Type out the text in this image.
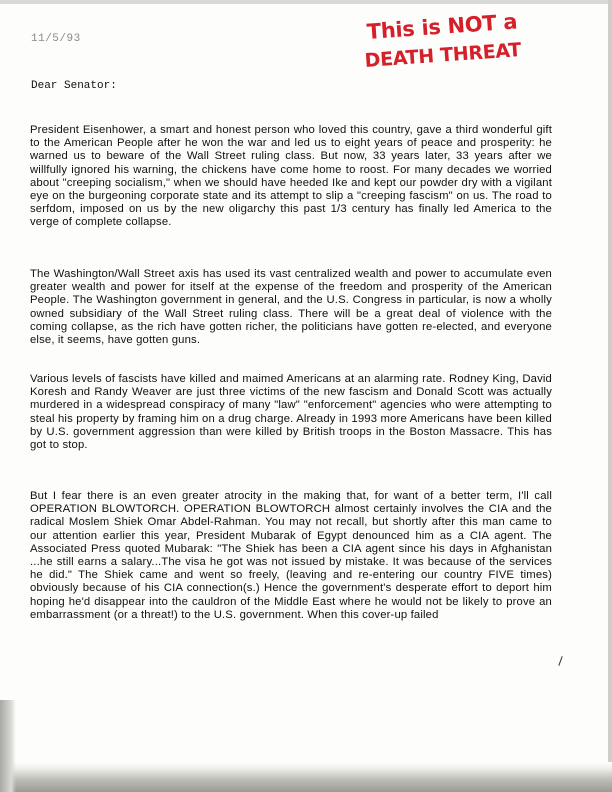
11/5/93	This is NOT a
DEATH THREAT
Dear Senator:
President Eisenhower, a smart and honest person who loved this country, gave a third wonderful gift to the American People after he won the war and led us to eight years of peace and prosperity: he warned us to beware of the Wall Street ruling class. But now, 33 years later, 33 years after we willfully ignored his warning, the chickens have come home to roost. For many decades we worried about "creeping socialism," when we should have heeded Ike and kept our powder dry with a vigilant eye on the burgeoning corporate state and its attempt to slip a "creeping fascism" on us. The road to serfdom, imposed on us by the new oligarchy this past 1/3 century has finally led America to the verge of complete collapse.
The Washington/Wall Street axis has used its vast centralized wealth and power to accumulate even greater wealth and power for itself at the expense of the freedom and prosperity of the American People. The Washington government in general, and the U.S. Congress in particular, is now a wholly owned subsidiary of the Wall Street ruling class. There will be a great deal of violence with the coming collapse, as the rich have gotten richer, the politicians have gotten re-elected, and everyone else, it seems, have gotten guns.
Various levels of fascists have killed and maimed Americans at an alarming rate. Rodney King, David Koresh and Randy Weaver are just three victims of the new fascism and Donald Scott was actually murdered in a widespread conspiracy of many "law" "enforcement" agencies who were attempting to steal his property by framing him on a drug charge. Already in 1993 more Americans have been killed by U.S. government aggression than were killed by British troops in the Boston Massacre. This has got to stop.
But I fear there is an even greater atrocity in the making that, for want of a better term, I'll call OPERATION BLOWTORCH. OPERATION BLOWTORCH almost certainly involves the CIA and the radical Moslem Shiek Omar Abdel-Rahman. You may not recall, but shortly after this man came to our attention earlier this year, President Mubarak of Egypt denounced him as a CIA agent. The Associated Press quoted Mubarak: "The Shiek has been a CIA agent since his days in Afghanistan ...he still earns a salary...The visa he got was not issued by mistake. It was because of the services he did." The Shiek came and went so freely, (leaving and re-entering our country FIVE times) obviously because of his CIA connection(s.) Hence the government's desperate effort to deport him hoping he'd disappear into the cauldron of the Middle East where he would not be likely to prove an embarrassment (or a threat!) to the U.S. government. When this cover-up failed
